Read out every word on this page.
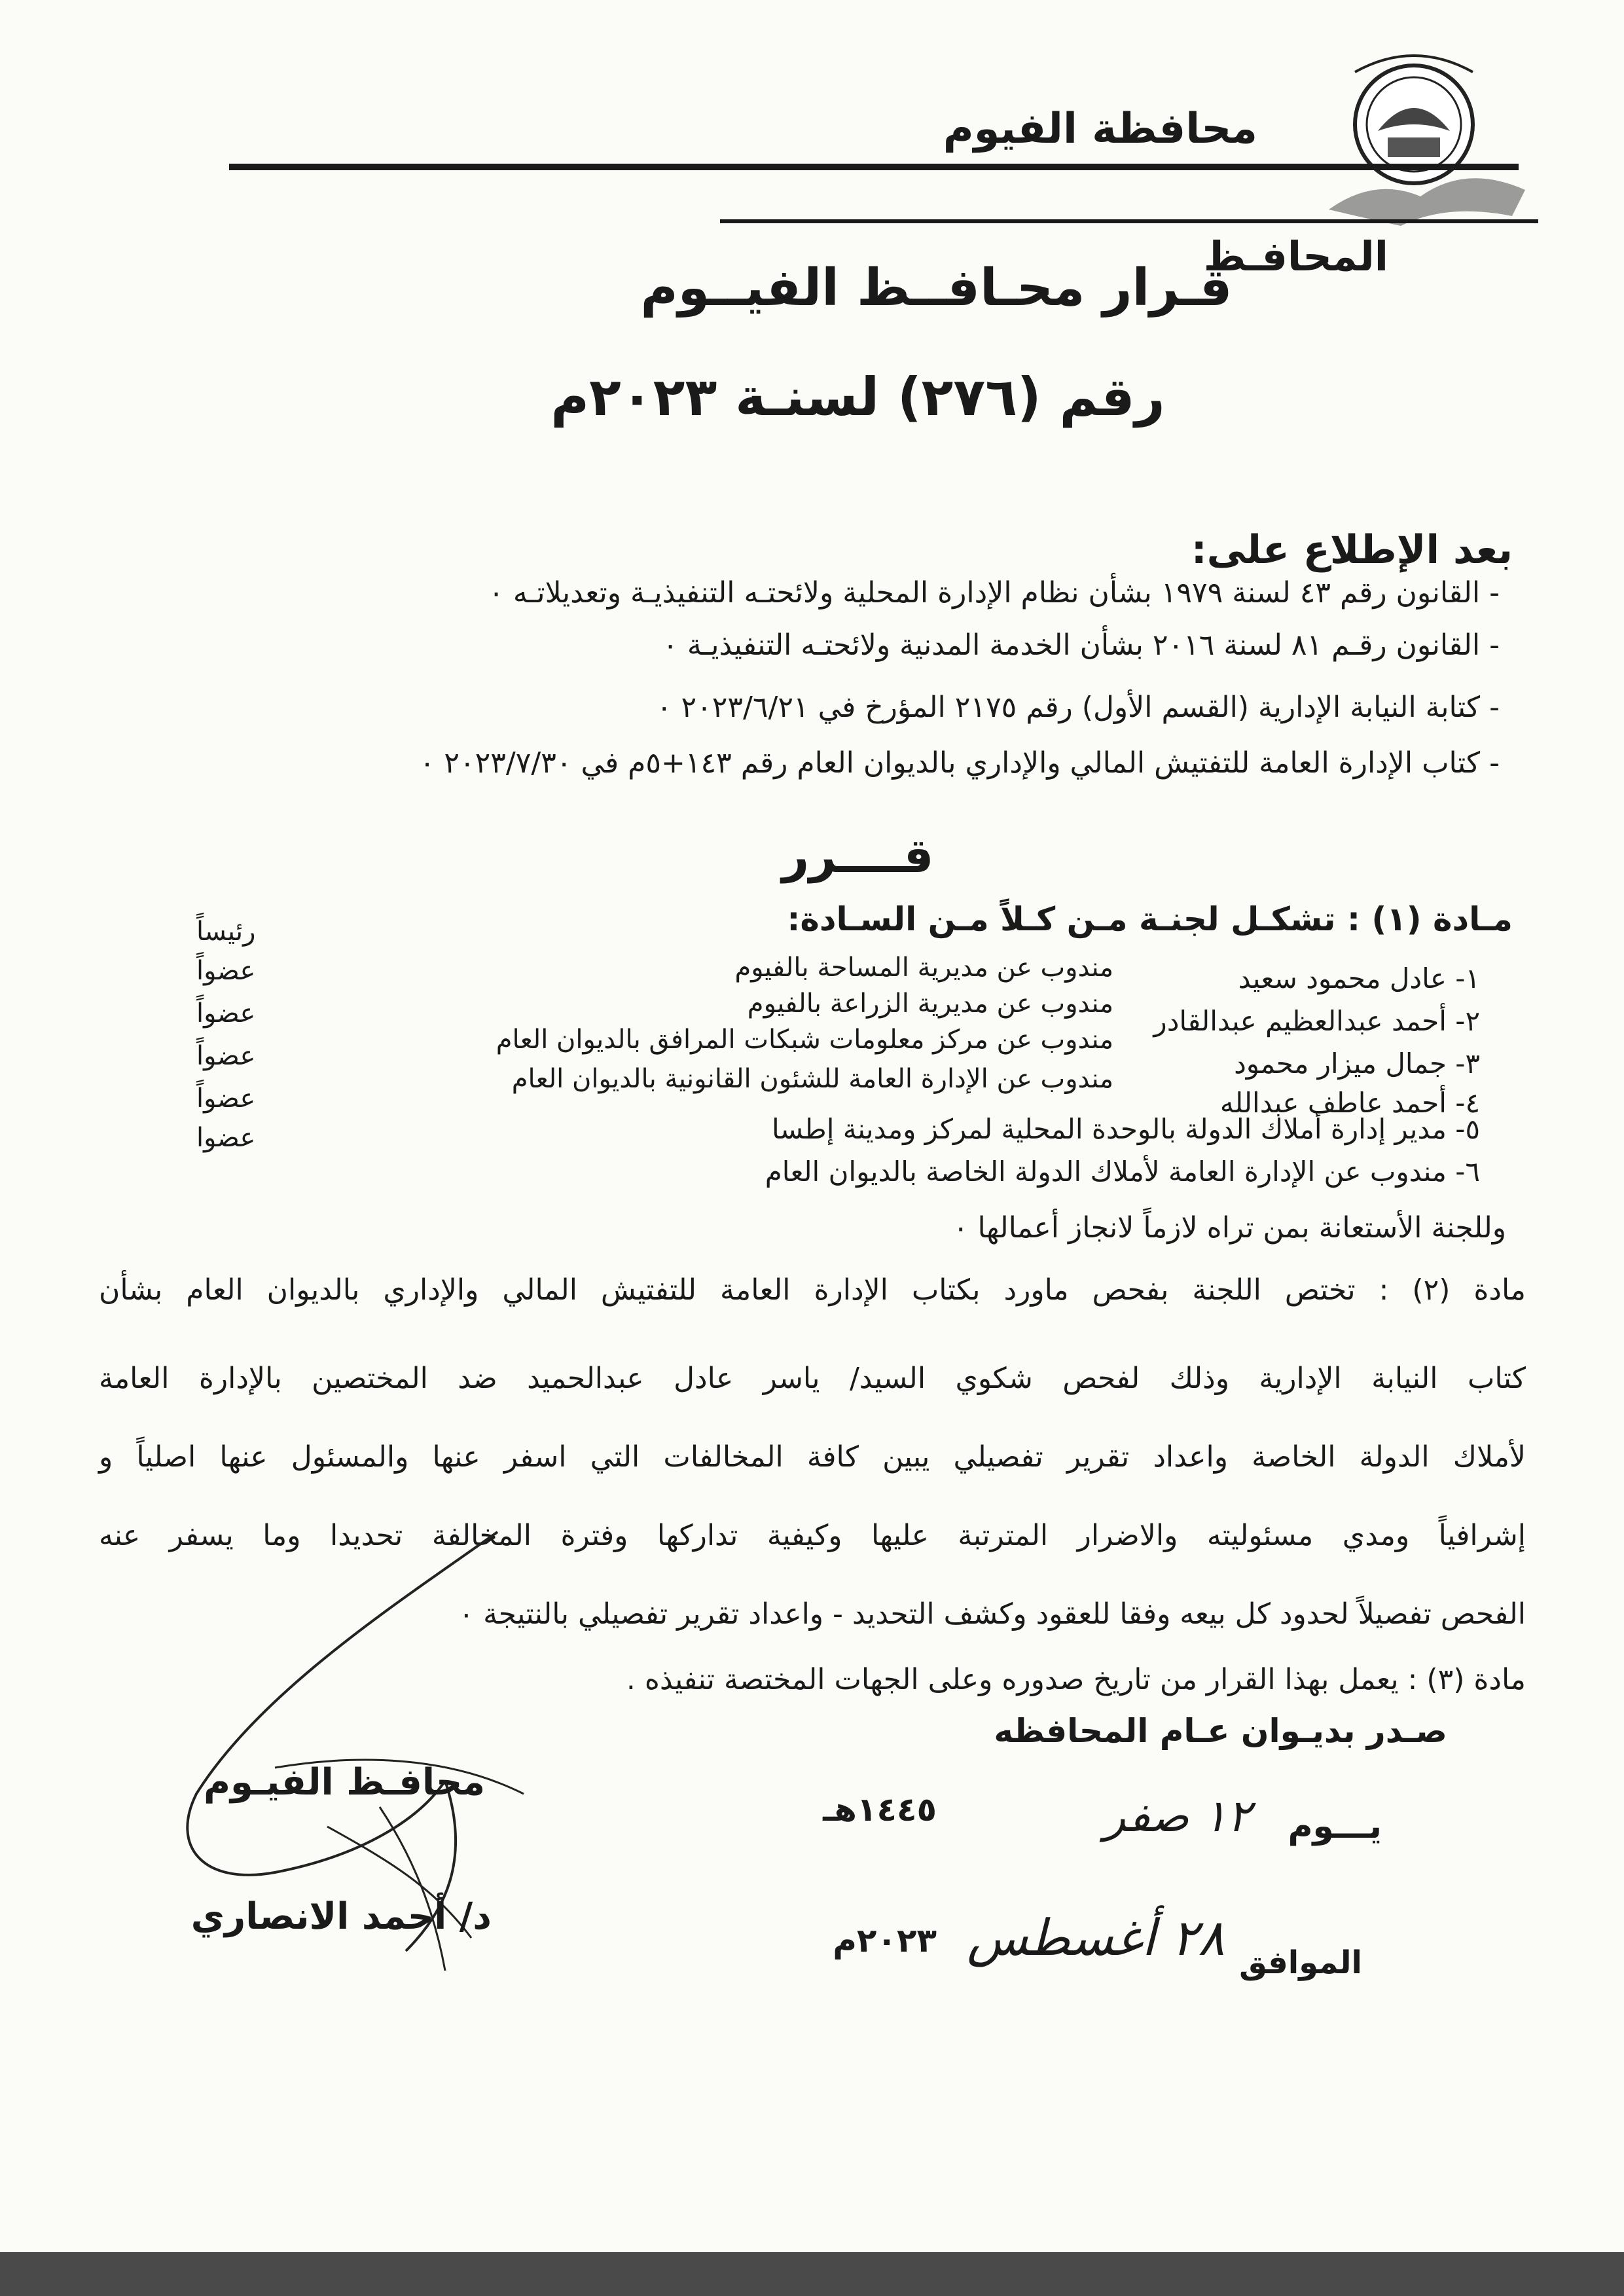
محافظة الفيوم
المحافـظ
قـرار محـافــظ الفيــوم
رقم (٢٧٦) لسنـة ٢٠٢٣م
بعد الإطلاع على:
- القانون رقم ٤٣ لسنة ١٩٧٩ بشأن نظام الإدارة المحلية ولائحتـه التنفيذيـة وتعديلاتـه ٠
- القانون رقـم ٨١ لسنة ٢٠١٦ بشأن الخدمة المدنية ولائحتـه التنفيذيـة ٠
- كتابة النيابة الإدارية (القسم الأول) رقم ٢١٧٥ المؤرخ في ٢٠٢٣/٦/٢١ ٠
- كتاب الإدارة العامة للتفتيش المالي والإداري بالديوان العام رقم ١٤٣+٥م في ٢٠٢٣/٧/٣٠ ٠
قــــرر
مـادة (١) : تشكـل لجنـة مـن كـلاً مـن السـادة:
١- عادل محمود سعيد
مندوب عن مديرية المساحة بالفيوم
رئيساً
٢- أحمد عبدالعظيم عبدالقادر
مندوب عن مديرية الزراعة بالفيوم
عضواً
٣- جمال ميزار محمود
مندوب عن مركز معلومات شبكات المرافق بالديوان العام
عضواً
٤- أحمد عاطف عبدالله
مندوب عن الإدارة العامة للشئون القانونية بالديوان العام
عضواً
٥- مدير إدارة أملاك الدولة بالوحدة المحلية لمركز ومدينة إطسا
عضواً
٦- مندوب عن الإدارة العامة لأملاك الدولة الخاصة بالديوان العام
عضوا
وللجنة الأستعانة بمن تراه لازماً لانجاز أعمالها ٠
مادة (٢) : تختص اللجنة بفحص ماورد بكتاب الإدارة العامة للتفتيش المالي والإداري بالديوان العام بشأن
كتاب النيابة الإدارية وذلك لفحص شكوي السيد/ ياسر عادل عبدالحميد ضد المختصين بالإدارة العامة
لأملاك الدولة الخاصة واعداد تقرير تفصيلي يبين كافة المخالفات التي اسفر عنها والمسئول عنها اصلياً و
إشرافياً ومدي مسئوليته والاضرار المترتبة عليها وكيفية تداركها وفترة المخالفة تحديدا وما يسفر عنه
الفحص تفصيلاً لحدود كل بيعه وفقا للعقود وكشف التحديد - واعداد تقرير تفصيلي بالنتيجة ٠
مادة (٣) : يعمل بهذا القرار من تاريخ صدوره وعلى الجهات المختصة تنفيذه .
صـدر بديـوان عـام المحافظه
محافـظ الفيـوم
د/ أحمد الانصاري
يـــوم
١٢ صفر
١٤٤٥هـ
الموافق
٢٨ أغسطس
٢٠٢٣م
